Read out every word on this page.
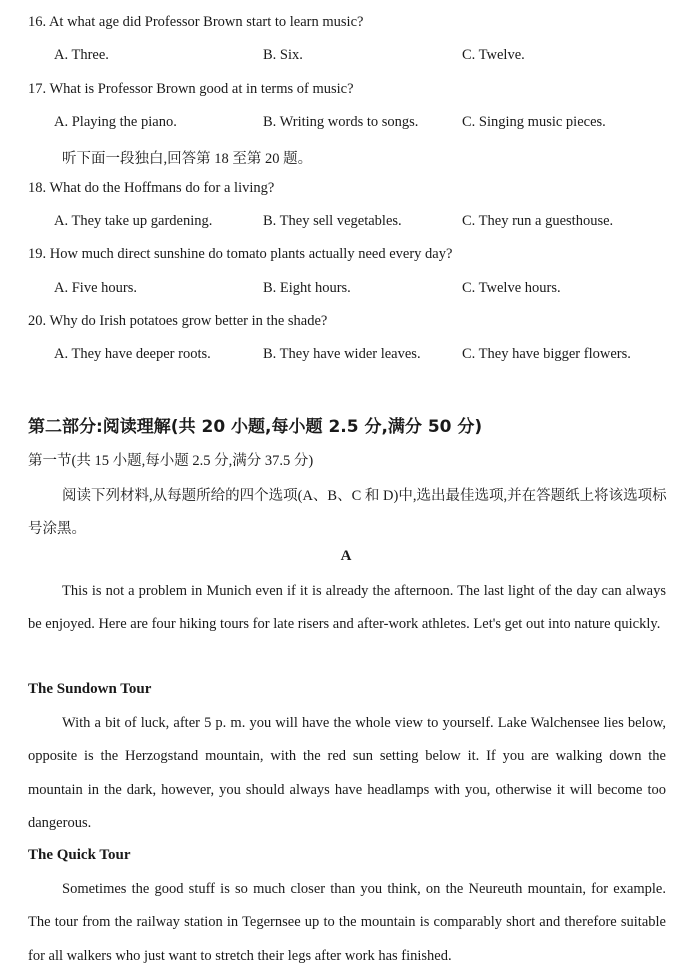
16. At what age did Professor Brown start to learn music?
A. Three.	B. Six.	C. Twelve.
17. What is Professor Brown good at in terms of music?
A. Playing the piano.	B. Writing words to songs.	C. Singing music pieces.
听下面一段独白,回答第 18 至第 20 题。
18. What do the Hoffmans do for a living?
A. They take up gardening.	B. They sell vegetables.	C. They run a guesthouse.
19. How much direct sunshine do tomato plants actually need every day?
A. Five hours.	B. Eight hours.	C. Twelve hours.
20. Why do Irish potatoes grow better in the shade?
A. They have deeper roots.	B. They have wider leaves.	C. They have bigger flowers.
第二部分:阅读理解(共 20 小题,每小题 2.5 分,满分 50 分)
第一节(共 15 小题,每小题 2.5 分,满分 37.5 分)
阅读下列材料,从每题所给的四个选项(A、B、C 和 D)中,选出最佳选项,并在答题纸上将该选项标号涂黑。
A
This is not a problem in Munich even if it is already the afternoon. The last light of the day can always be enjoyed. Here are four hiking tours for late risers and after-work athletes. Let's get out into nature quickly.
The Sundown Tour
With a bit of luck, after 5 p. m. you will have the whole view to yourself. Lake Walchensee lies below, opposite is the Herzogstand mountain, with the red sun setting below it. If you are walking down the mountain in the dark, however, you should always have headlamps with you, otherwise it will become too dangerous.
The Quick Tour
Sometimes the good stuff is so much closer than you think, on the Neureuth mountain, for example. The tour from the railway station in Tegernsee up to the mountain is comparably short and therefore suitable for all walkers who just want to stretch their legs after work has finished.
